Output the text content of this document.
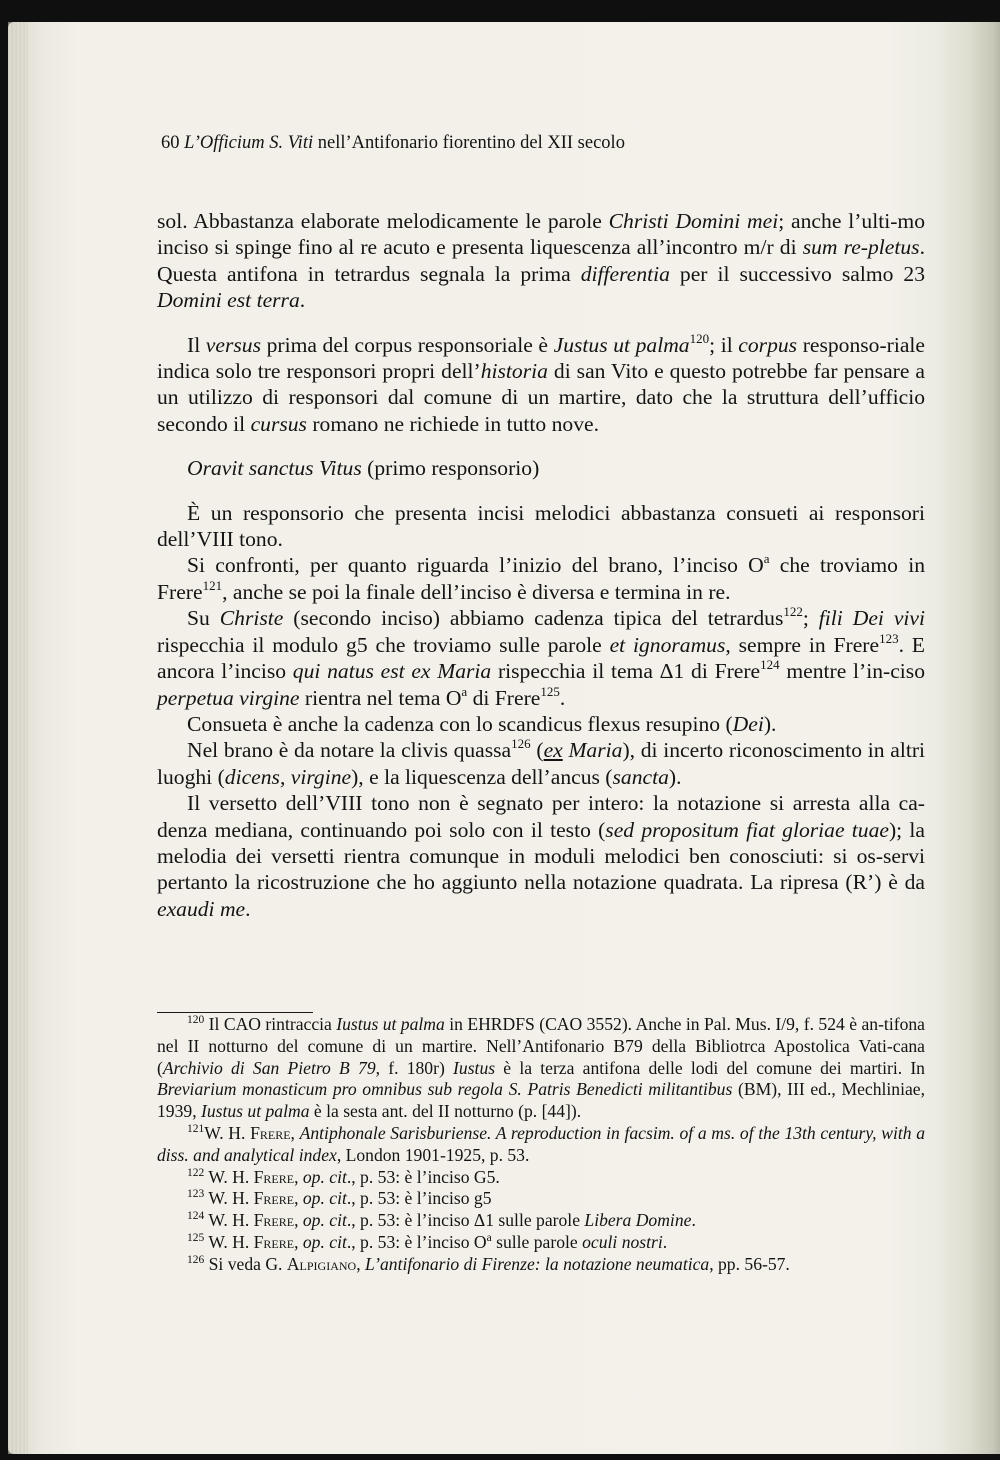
60 L’Officium S. Viti nell’Antifonario fiorentino del XII secolo

sol. Abbastanza elaborate melodicamente le parole Christi Domini mei; anche l’ulti-mo inciso si spinge fino al re acuto e presenta liquescenza all’incontro m/r di sum re-pletus. Questa antifona in tetrardus segnala la prima differentia per il successivo salmo 23 Domini est terra.

Il versus prima del corpus responsoriale è Justus ut palma$^{120}$; il corpus responso-riale indica solo tre responsori propri dell’historia di san Vito e questo potrebbe far pensare a un utilizzo di responsori dal comune di un martire, dato che la struttura dell’ufficio secondo il cursus romano ne richiede in tutto nove.

Oravit sanctus Vitus (primo responsorio)

È un responsorio che presenta incisi melodici abbastanza consueti ai responsori dell’VIII tono.

Si confronti, per quanto riguarda l’inizio del brano, l’inciso $O^a$ che troviamo in Frere$^{121}$, anche se poi la finale dell’inciso è diversa e termina in re.

Su Christe (secondo inciso) abbiamo cadenza tipica del tetrardus$^{122}$; fili Dei vivi rispecchia il modulo g5 che troviamo sulle parole et ignoramus, sempre in Frere$^{123}$. E ancora l’inciso qui natus est ex Maria rispecchia il tema Δ1 di Frere$^{124}$ mentre l’in-ciso perpetua virgine rientra nel tema $O^a$ di Frere$^{125}$.

Consueta è anche la cadenza con lo scandicus flexus resupino (Dei).

Nel brano è da notare la clivis quassa$^{126}$ (ex Maria), di incerto riconoscimento in altri luoghi (dicens, virgine), e la liquescenza dell’ancus (sancta).

Il versetto dell’VIII tono non è segnato per intero: la notazione si arresta alla ca-denza mediana, continuando poi solo con il testo (sed propositum fiat gloriae tuae); la melodia dei versetti rientra comunque in moduli melodici ben conosciuti: si os-servi pertanto la ricostruzione che ho aggiunto nella notazione quadrata. La ripresa (R’) è da exaudi me.

$^{120}$ Il CAO rintraccia Iustus ut palma in EHRDFS (CAO 3552). Anche in Pal. Mus. I/9, f. 524 è an-tifona nel II notturno del comune di un martire. Nell’Antifonario B79 della Bibliotrca Apostolica Vati-cana (Archivio di San Pietro B 79, f. 180r) Iustus è la terza antifona delle lodi del comune dei martiri. In Breviarium monasticum pro omnibus sub regola S. Patris Benedicti militantibus (BM), III ed., Mechliniae, 1939, Iustus ut palma è la sesta ant. del II notturno (p. [44]).

$^{121}$W. H. Frere, Antiphonale Sarisburiense. A reproduction in facsim. of a ms. of the 13th century, with a diss. and analytical index, London 1901-1925, p. 53.

$^{122}$ W. H. Frere, op. cit., p. 53: è l’inciso G5.

$^{123}$ W. H. Frere, op. cit., p. 53: è l’inciso g5

$^{124}$ W. H. Frere, op. cit., p. 53: è l’inciso Δ1 sulle parole Libera Domine.

$^{125}$ W. H. Frere, op. cit., p. 53: è l’inciso $O^a$ sulle parole oculi nostri.

$^{126}$ Si veda G. Alpigiano, L’antifonario di Firenze: la notazione neumatica, pp. 56-57.
